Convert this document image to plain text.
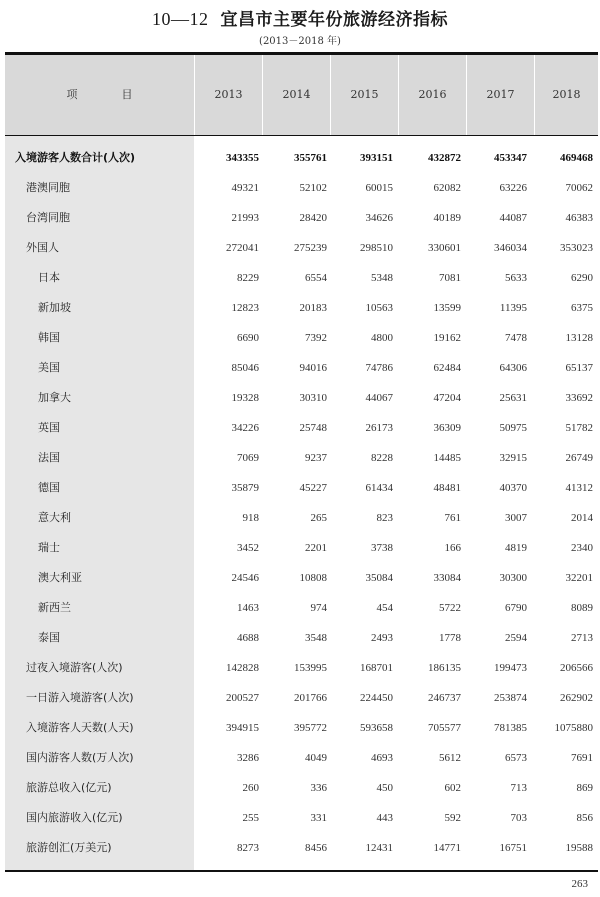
10—12 宜昌市主要年份旅游经济指标
(2013－2018 年)
项　　　　目	2013	2014	2015	2016	2017	2018
入境游客人数合计(人次)	343355	355761	393151	432872	453347	469468
港澳同胞	49321	52102	60015	62082	63226	70062
台湾同胞	21993	28420	34626	40189	44087	46383
外国人	272041	275239	298510	330601	346034	353023
日本	8229	6554	5348	7081	5633	6290
新加坡	12823	20183	10563	13599	11395	6375
韩国	6690	7392	4800	19162	7478	13128
美国	85046	94016	74786	62484	64306	65137
加拿大	19328	30310	44067	47204	25631	33692
英国	34226	25748	26173	36309	50975	51782
法国	7069	9237	8228	14485	32915	26749
德国	35879	45227	61434	48481	40370	41312
意大利	918	265	823	761	3007	2014
瑞士	3452	2201	3738	166	4819	2340
澳大利亚	24546	10808	35084	33084	30300	32201
新西兰	1463	974	454	5722	6790	8089
泰国	4688	3548	2493	1778	2594	2713
过夜入境游客(人次)	142828	153995	168701	186135	199473	206566
一日游入境游客(人次)	200527	201766	224450	246737	253874	262902
入境游客人天数(人天)	394915	395772	593658	705577	781385	1075880
国内游客人数(万人次)	3286	4049	4693	5612	6573	7691
旅游总收入(亿元)	260	336	450	602	713	869
国内旅游收入(亿元)	255	331	443	592	703	856
旅游创汇(万美元)	8273	8456	12431	14771	16751	19588
263
